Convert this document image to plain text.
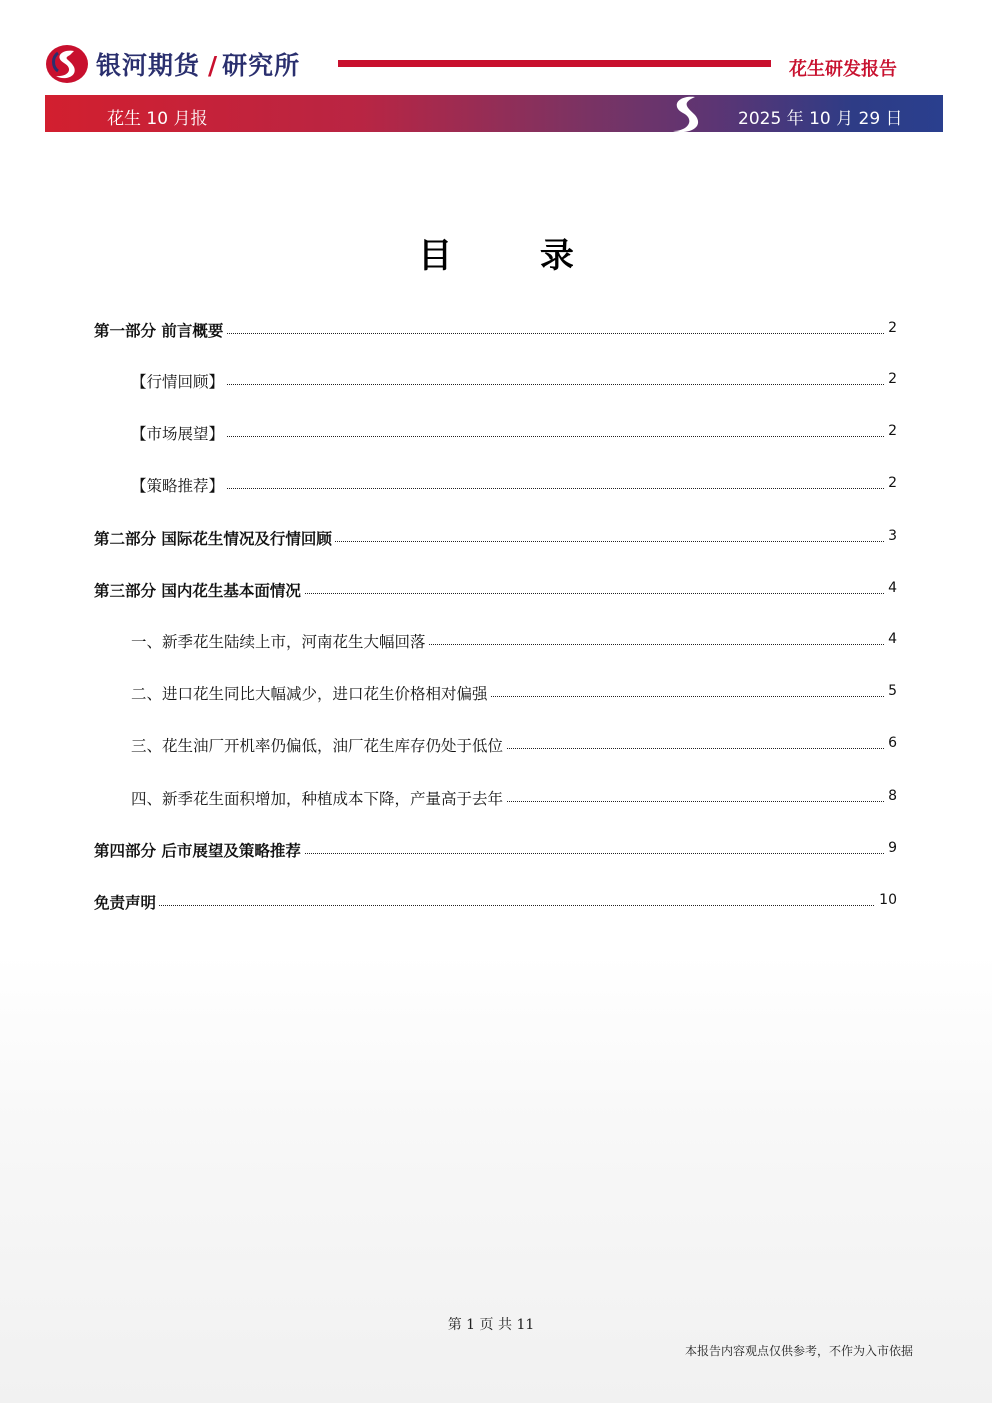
银河期货 / 研究所	花生研发报告
花生 10 月报	2025 年 10 月 29 日
目 录
第一部分 前言概要	2
【行情回顾】	2
【市场展望】	2
【策略推荐】	2
第二部分 国际花生情况及行情回顾	3
第三部分 国内花生基本面情况	4
一、新季花生陆续上市，河南花生大幅回落	4
二、进口花生同比大幅减少，进口花生价格相对偏强	5
三、花生油厂开机率仍偏低，油厂花生库存仍处于低位	6
四、新季花生面积增加，种植成本下降，产量高于去年	8
第四部分 后市展望及策略推荐	9
免责声明	10
第 1 页 共 11
本报告内容观点仅供参考，不作为入市依据
